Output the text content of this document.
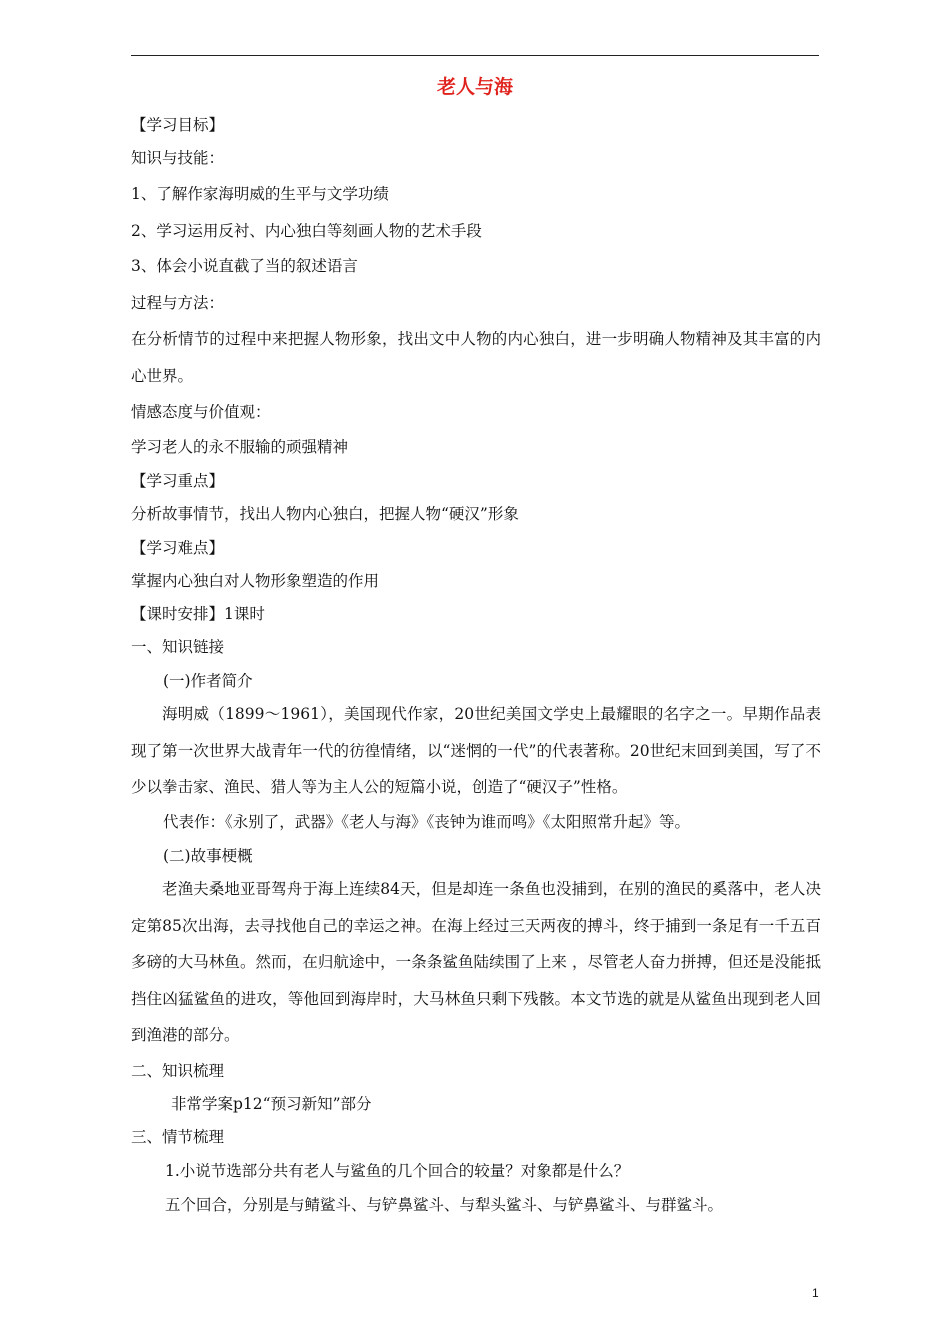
老人与海
【学习目标】
知识与技能：
1、了解作家海明威的生平与文学功绩
2、学习运用反衬、内心独白等刻画人物的艺术手段
3、体会小说直截了当的叙述语言
过程与方法：
在分析情节的过程中来把握人物形象，找出文中人物的内心独白，进一步明确人物精神及其丰富的内心世界。
情感态度与价值观：
学习老人的永不服输的顽强精神
【学习重点】
分析故事情节，找出人物内心独白，把握人物“硬汉”形象
【学习难点】
掌握内心独白对人物形象塑造的作用
【课时安排】1课时
一、知识链接
(一)作者简介
海明威（1899～1961），美国现代作家，20世纪美国文学史上最耀眼的名字之一。早期作品表现了第一次世界大战青年一代的彷徨情绪，以“迷惘的一代”的代表著称。20世纪末回到美国，写了不少以拳击家、渔民、猎人等为主人公的短篇小说，创造了“硬汉子”性格。
代表作：《永别了，武器》《老人与海》《丧钟为谁而鸣》《太阳照常升起》等。
(二)故事梗概
老渔夫桑地亚哥驾舟于海上连续84天，但是却连一条鱼也没捕到，在别的渔民的奚落中，老人决定第85次出海，去寻找他自己的幸运之神。在海上经过三天两夜的搏斗，终于捕到一条足有一千五百多磅的大马林鱼。然而，在归航途中，一条条鲨鱼陆续围了上来 ，尽管老人奋力拼搏，但还是没能抵挡住凶猛鲨鱼的进攻，等他回到海岸时，大马林鱼只剩下残骸。本文节选的就是从鲨鱼出现到老人回到渔港的部分。
二、知识梳理
非常学案p12“预习新知”部分
三、情节梳理
1.小说节选部分共有老人与鲨鱼的几个回合的较量？对象都是什么？
五个回合，分别是与鲭鲨斗、与铲鼻鲨斗、与犁头鲨斗、与铲鼻鲨斗、与群鲨斗。
1
